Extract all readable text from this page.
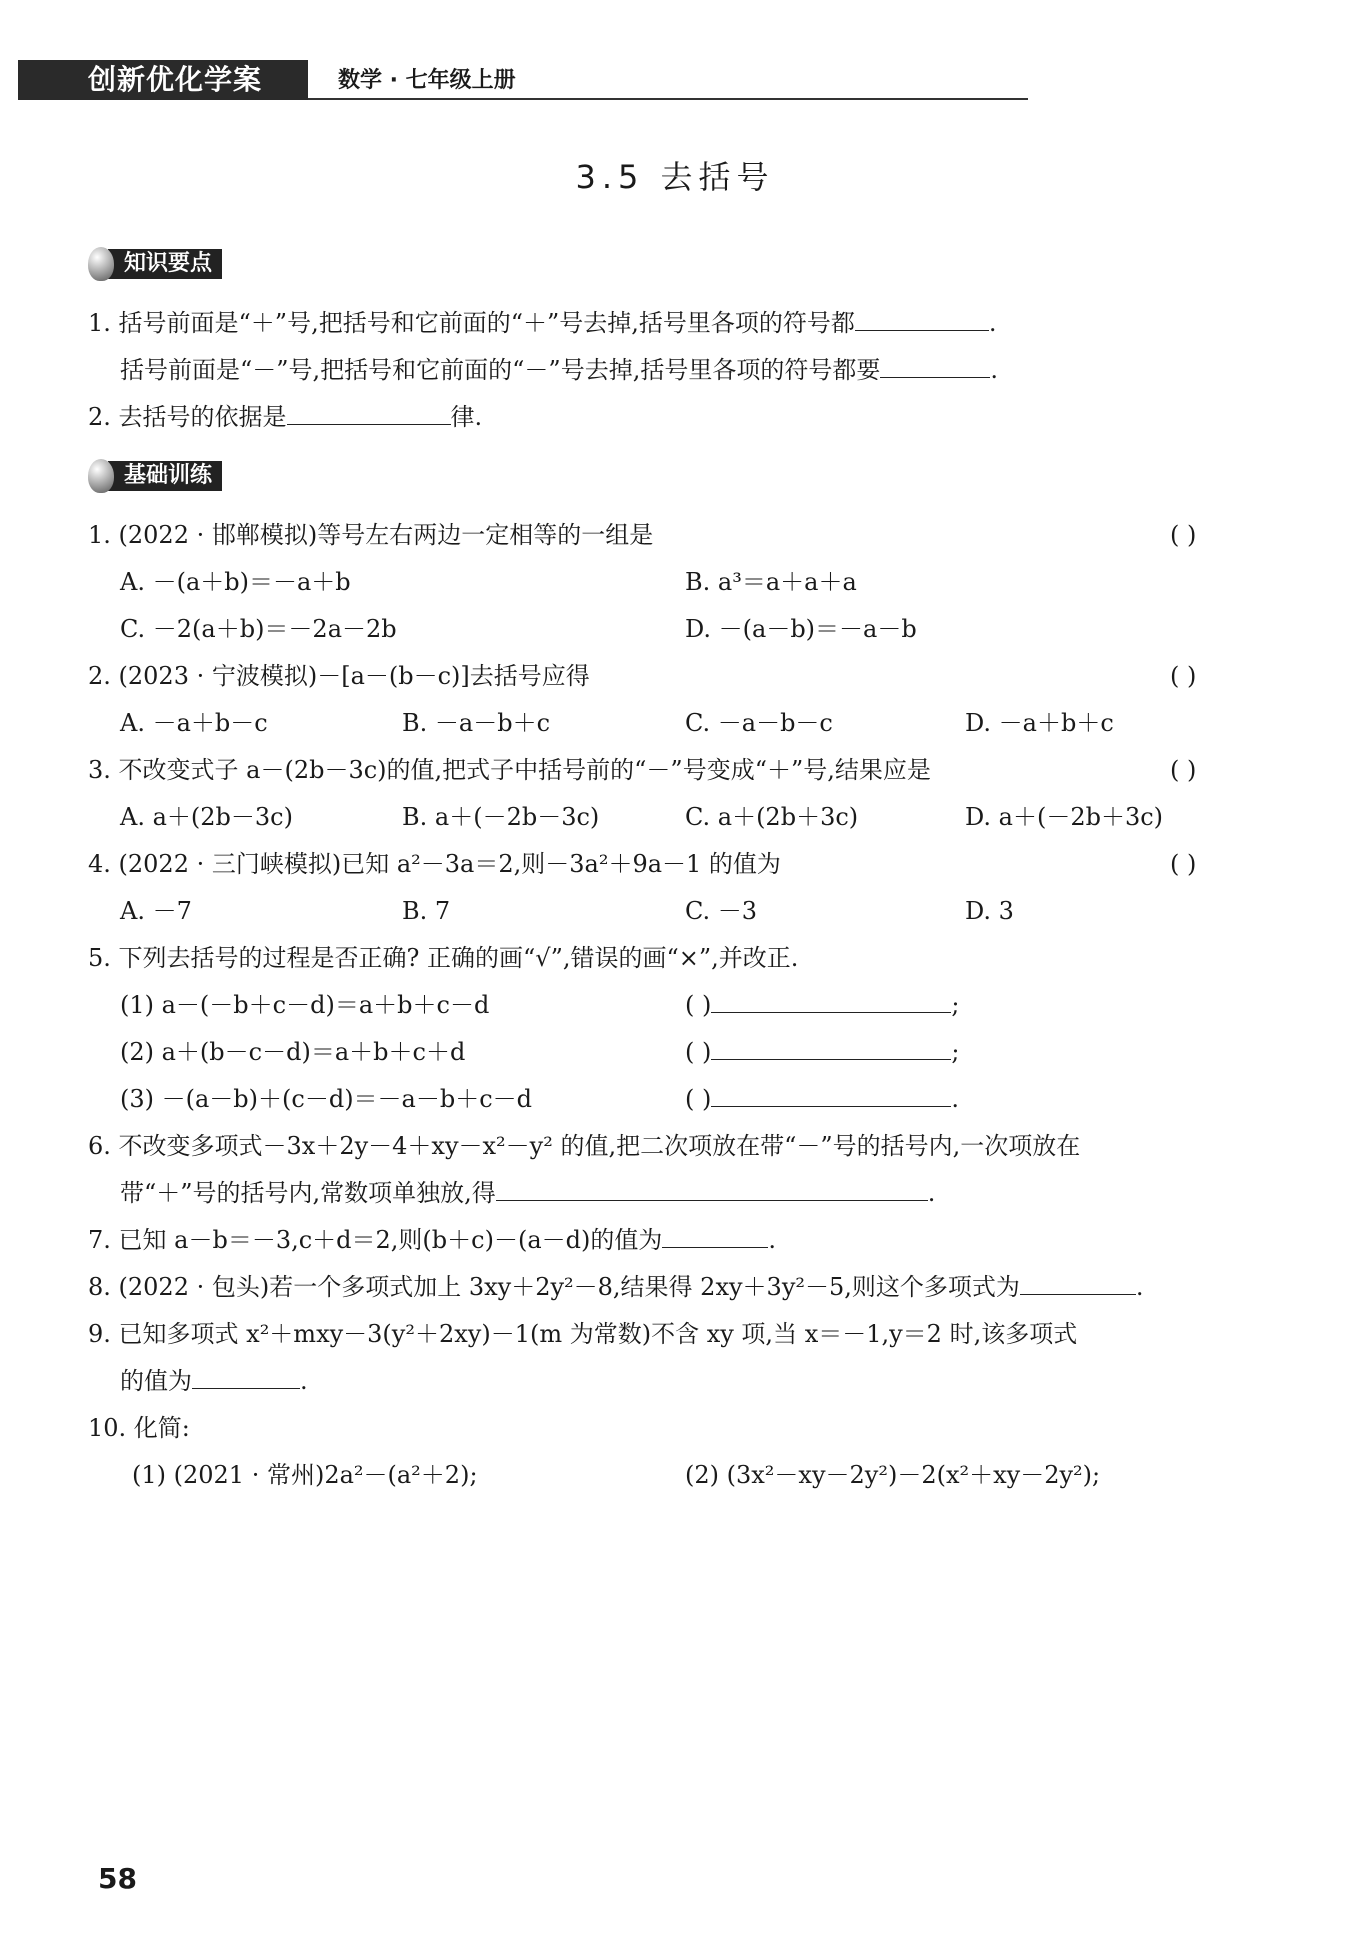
创新优化学案	数学 · 七年级上册
3.5 去括号
知识要点
1. 括号前面是“＋”号,把括号和它前面的“＋”号去掉,括号里各项的符号都	.
括号前面是“－”号,把括号和它前面的“－”号去掉,括号里各项的符号都要	.
2. 去括号的依据是	律.
基础训练
1. (2022 · 邯郸模拟)等号左右两边一定相等的一组是	( )
A. －(a＋b)＝－a＋b	B. a³＝a＋a＋a
C. －2(a＋b)＝－2a－2b	D. －(a－b)＝－a－b
2. (2023 · 宁波模拟)－[a－(b－c)]去括号应得	( )
A. －a＋b－c	B. －a－b＋c	C. －a－b－c	D. －a＋b＋c
3. 不改变式子 a－(2b－3c)的值,把式子中括号前的“－”号变成“＋”号,结果应是	( )
A. a＋(2b－3c)	B. a＋(－2b－3c)	C. a＋(2b＋3c)	D. a＋(－2b＋3c)
4. (2022 · 三门峡模拟)已知 a²－3a＝2,则－3a²＋9a－1 的值为	( )
A. －7	B. 7	C. －3	D. 3
5. 下列去括号的过程是否正确? 正确的画“√”,错误的画“×”,并改正.
(1) a－(－b＋c－d)＝a＋b＋c－d	( )	;
(2) a＋(b－c－d)＝a＋b＋c＋d	( )	;
(3) －(a－b)＋(c－d)＝－a－b＋c－d	( )	.
6. 不改变多项式－3x＋2y－4＋xy－x²－y² 的值,把二次项放在带“－”号的括号内,一次项放在
带“＋”号的括号内,常数项单独放,得	.
7. 已知 a－b＝－3,c＋d＝2,则(b＋c)－(a－d)的值为	.
8. (2022 · 包头)若一个多项式加上 3xy＋2y²－8,结果得 2xy＋3y²－5,则这个多项式为	.
9. 已知多项式 x²＋mxy－3(y²＋2xy)－1(m 为常数)不含 xy 项,当 x＝－1,y＝2 时,该多项式
的值为	.
10. 化简:
(1) (2021 · 常州)2a²－(a²＋2);	(2) (3x²－xy－2y²)－2(x²＋xy－2y²);
58
